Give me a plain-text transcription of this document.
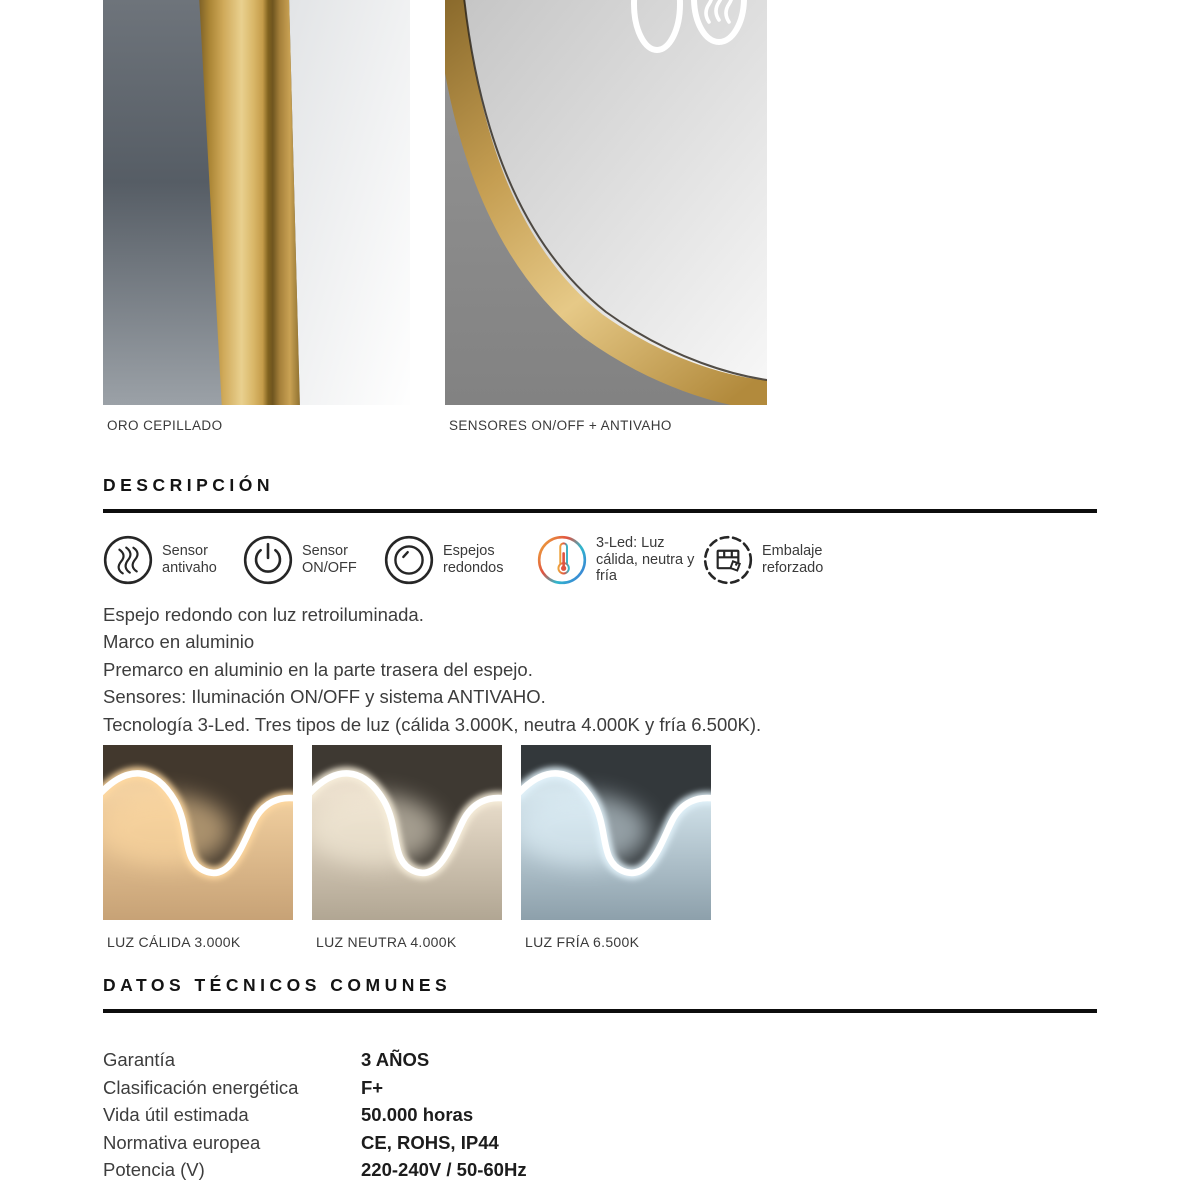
ORO CEPILLADO	SENSORES ON/OFF + ANTIVAHO
DESCRIPCIÓN
Sensor antivaho
Sensor ON/OFF
Espejos redondos
3-Led: Luz cálida, neutra y fría
Embalaje reforzado
Espejo redondo con luz retroiluminada.
Marco en aluminio
Premarco en aluminio en la parte trasera del espejo.
Sensores: Iluminación ON/OFF y sistema ANTIVAHO.
Tecnología 3-Led. Tres tipos de luz (cálida 3.000K, neutra 4.000K y fría 6.500K).
LUZ CÁLIDA 3.000K	LUZ NEUTRA 4.000K	LUZ FRÍA 6.500K
DATOS TÉCNICOS COMUNES
Garantía	3 AÑOS
Clasificación energética	F+
Vida útil estimada	50.000 horas
Normativa europea	CE, ROHS, IP44
Potencia (V)	220-240V / 50-60Hz
